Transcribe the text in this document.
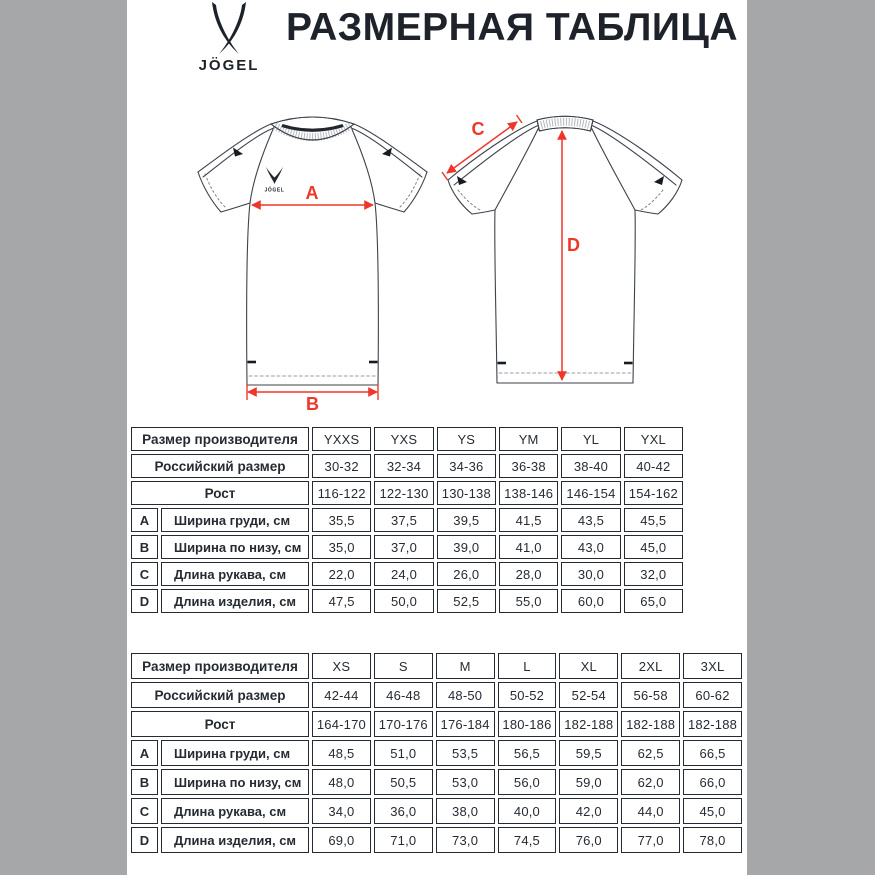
JÖGEL
РАЗМЕРНАЯ ТАБЛИЦА
JÖGEL A
B
C
D
Размер производителя		YXXS	YXS	YS	YM	YL	YXL
Российский размер		30-32	32-34	34-36	36-38	38-40	40-42
Рост		116-122	122-130	130-138	138-146	146-154	154-162
A	Ширина груди, см	35,5	37,5	39,5	41,5	43,5	45,5
B	Ширина по низу, см	35,0	37,0	39,0	41,0	43,0	45,0
C	Длина рукава, см	22,0	24,0	26,0	28,0	30,0	32,0
D	Длина изделия, см	47,5	50,0	52,5	55,0	60,0	65,0
Размер производителя		XS	S	M	L	XL	2XL	3XL
Российский размер		42-44	46-48	48-50	50-52	52-54	56-58	60-62
Рост		164-170	170-176	176-184	180-186	182-188	182-188	182-188
A	Ширина груди, см	48,5	51,0	53,5	56,5	59,5	62,5	66,5
B	Ширина по низу, см	48,0	50,5	53,0	56,0	59,0	62,0	66,0
C	Длина рукава, см	34,0	36,0	38,0	40,0	42,0	44,0	45,0
D	Длина изделия, см	69,0	71,0	73,0	74,5	76,0	77,0	78,0
